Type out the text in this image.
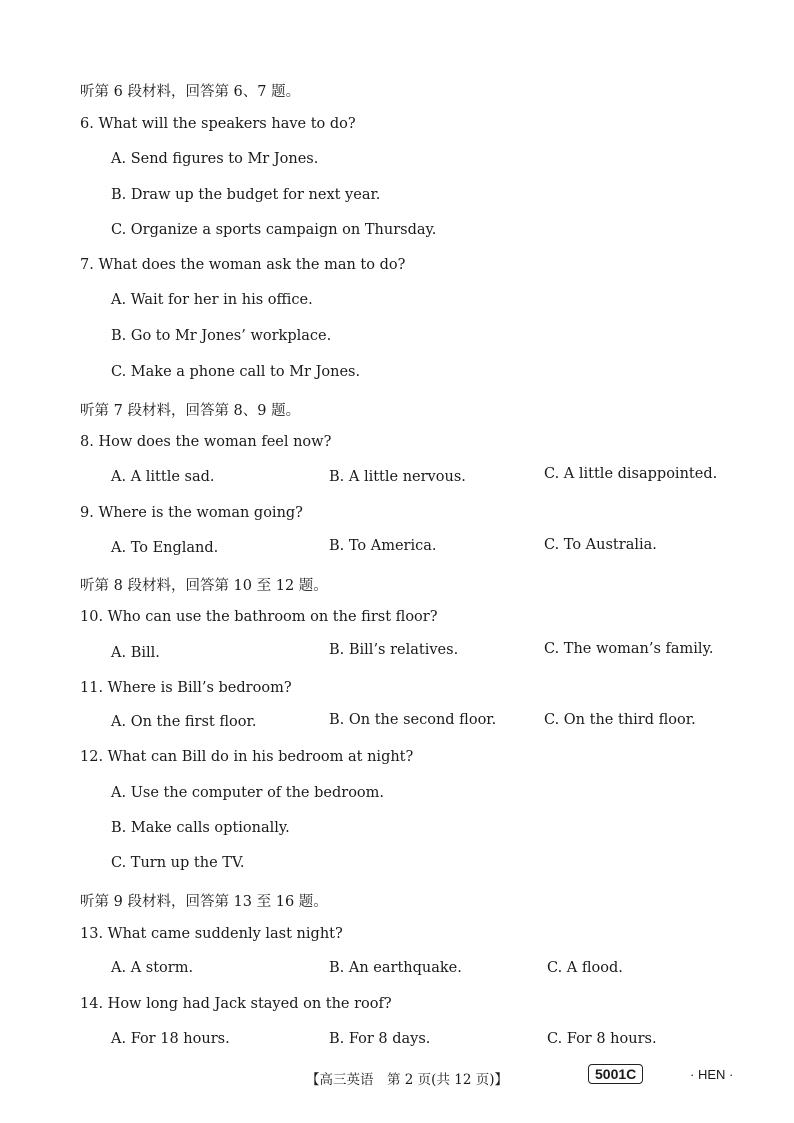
听第 6 段材料，回答第 6、7 题。
6. What will the speakers have to do?
A. Send figures to Mr Jones.
B. Draw up the budget for next year.
C. Organize a sports campaign on Thursday.
7. What does the woman ask the man to do?
A. Wait for her in his office.
B. Go to Mr Jones’ workplace.
C. Make a phone call to Mr Jones.
听第 7 段材料，回答第 8、9 题。
8. How does the woman feel now?
A. A little sad.	B. A little nervous.	C. A little disappointed.
9. Where is the woman going?
A. To England.	B. To America.	C. To Australia.
听第 8 段材料，回答第 10 至 12 题。
10. Who can use the bathroom on the first floor?
A. Bill.	B. Bill’s relatives.	C. The woman’s family.
11. Where is Bill’s bedroom?
A. On the first floor.	B. On the second floor.	C. On the third floor.
12. What can Bill do in his bedroom at night?
A. Use the computer of the bedroom.
B. Make calls optionally.
C. Turn up the TV.
听第 9 段材料，回答第 13 至 16 题。
13. What came suddenly last night?
A. A storm.	B. An earthquake.	C. A flood.
14. How long had Jack stayed on the roof?
A. For 18 hours.	B. For 8 days.	C. For 8 hours.
【高三英语　第 2 页(共 12 页)】	5001C	· HEN ·
